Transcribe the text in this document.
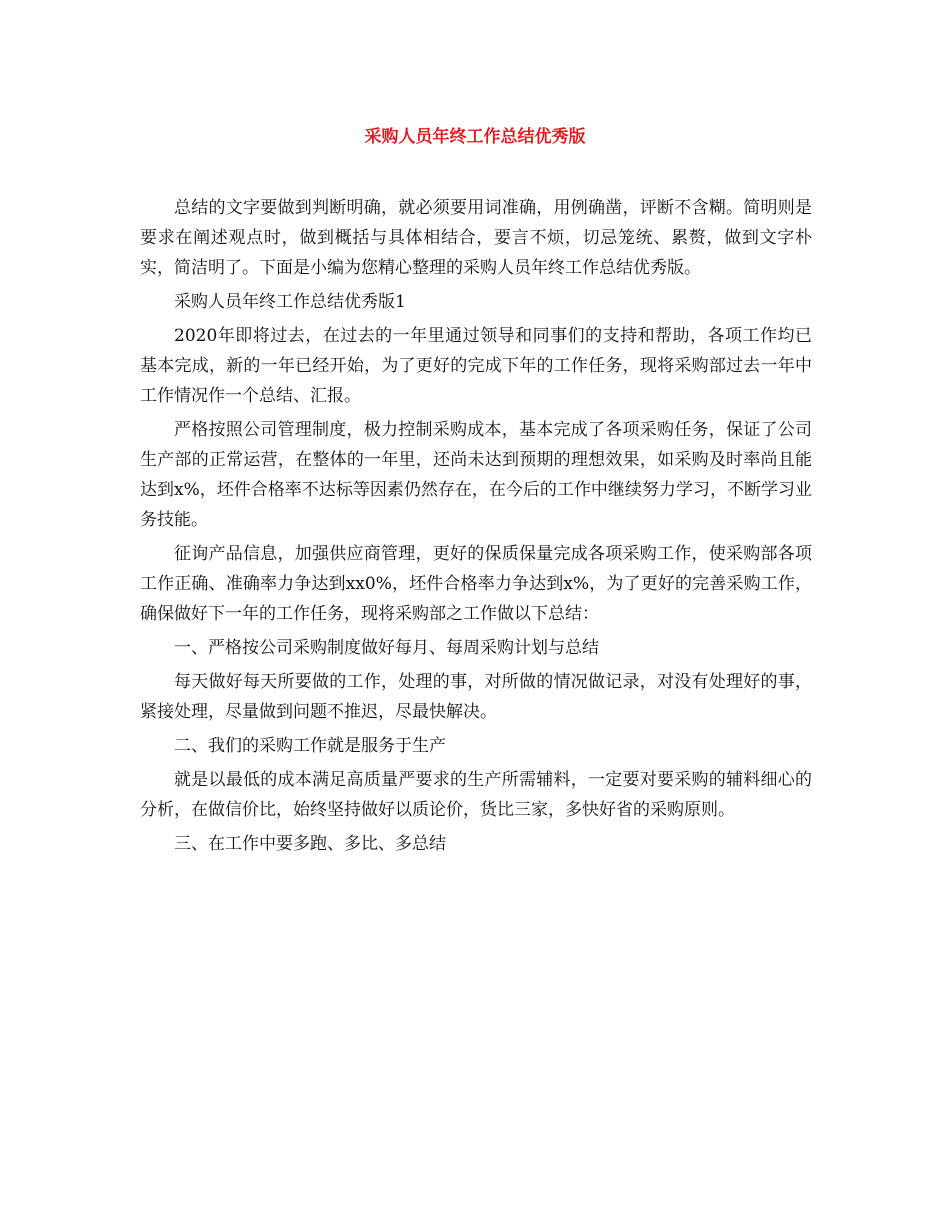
采购人员年终工作总结优秀版

总结的文字要做到判断明确，就必须要用词准确，用例确凿，评断不含糊。简明则是要求在阐述观点时，做到概括与具体相结合，要言不烦，切忌笼统、累赘，做到文字朴实，简洁明了。下面是小编为您精心整理的采购人员年终工作总结优秀版。

采购人员年终工作总结优秀版1

2020年即将过去，在过去的一年里通过领导和同事们的支持和帮助，各项工作均已基本完成，新的一年已经开始，为了更好的完成下年的工作任务，现将采购部过去一年中工作情况作一个总结、汇报。

严格按照公司管理制度，极力控制采购成本，基本完成了各项采购任务，保证了公司生产部的正常运营，在整体的一年里，还尚未达到预期的理想效果，如采购及时率尚且能达到x%，坯件合格率不达标等因素仍然存在，在今后的工作中继续努力学习，不断学习业务技能。

征询产品信息，加强供应商管理，更好的保质保量完成各项采购工作，使采购部各项工作正确、准确率力争达到xx0%，坯件合格率力争达到x%，为了更好的完善采购工作，确保做好下一年的工作任务，现将采购部之工作做以下总结：

一、严格按公司采购制度做好每月、每周采购计划与总结

每天做好每天所要做的工作，处理的事，对所做的情况做记录，对没有处理好的事，紧接处理，尽量做到问题不推迟，尽最快解决。

二、我们的采购工作就是服务于生产

就是以最低的成本满足高质量严要求的生产所需辅料，一定要对要采购的辅料细心的分析，在做信价比，始终坚持做好以质论价，货比三家，多快好省的采购原则。

三、在工作中要多跑、多比、多总结
